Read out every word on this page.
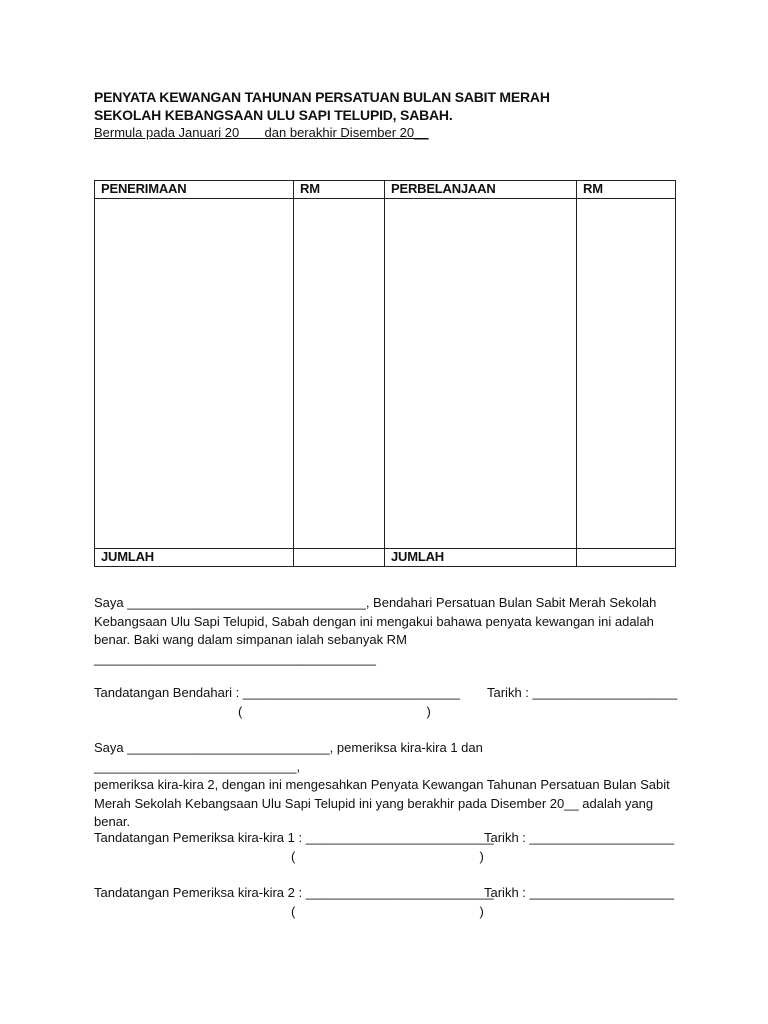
PENYATA KEWANGAN TAHUNAN PERSATUAN BULAN SABIT MERAH
SEKOLAH KEBANGSAAN ULU SAPI TELUPID, SABAH.
Bermula pada Januari 20       dan berakhir Disember 20__
PENERIMAAN	RM	PERBELANJAAN	RM

JUMLAH		JUMLAH	
Saya _________________________________, Bendahari Persatuan Bulan Sabit Merah Sekolah
Kebangsaan Ulu Sapi Telupid, Sabah dengan ini mengakui bahawa penyata kewangan ini adalah
benar. Baki wang dalam simpanan ialah sebanyak RM _______________________________________
Tandatangan Bendahari : ______________________________ Tarikh : ____________________
(                                                   )
Saya ____________________________, pemeriksa kira-kira 1 dan ____________________________,
pemeriksa kira-kira 2, dengan ini mengesahkan Penyata Kewangan Tahunan Persatuan Bulan Sabit
Merah Sekolah Kebangsaan Ulu Sapi Telupid ini yang berakhir pada Disember 20__ adalah yang
benar.
Tandatangan Pemeriksa kira-kira 1 : __________________________
Tarikh : ____________________
(                                                   )
Tandatangan Pemeriksa kira-kira 2 : __________________________
Tarikh : ____________________
(                                                   )
